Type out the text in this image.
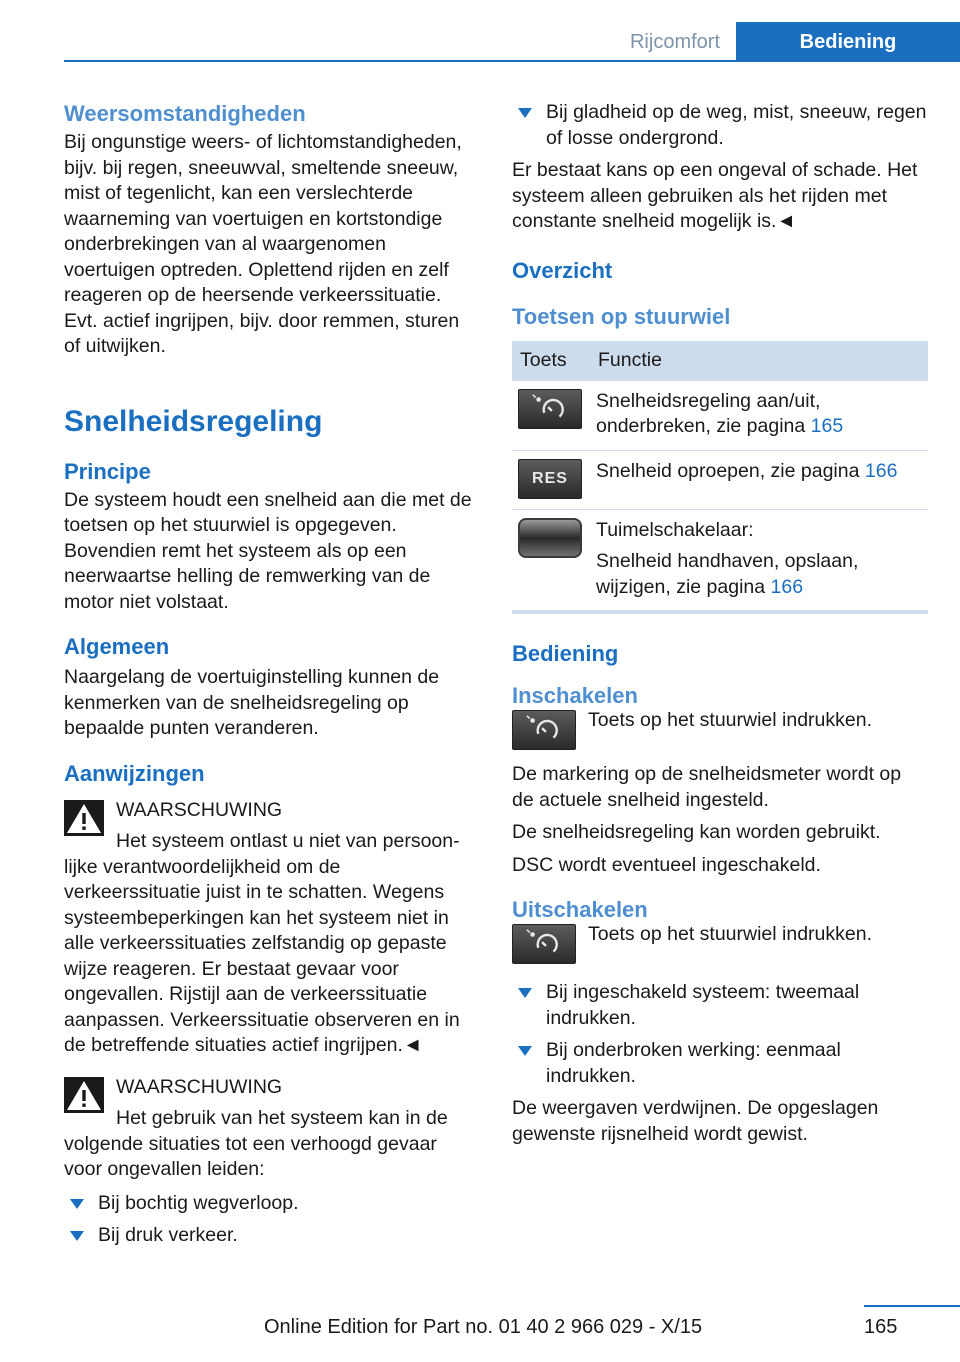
Rijcomfort	Bediening
Weersomstandigheden

Bij ongunstige weers- of lichtomstandigheden, bijv. bij regen, sneeuwval, smeltende sneeuw, mist of tegenlicht, kan een verslechterde waarneming van voertuigen en kortstondige onderbrekingen van al waargenomen voertuigen optreden. Oplettend rijden en zelf reageren op de heersende verkeerssituatie. Evt. actief ingrijpen, bijv. door remmen, sturen of uitwijken.

Snelheidsregeling
Principe

De systeem houdt een snelheid aan die met de toetsen op het stuurwiel is opgegeven. Bovendien remt het systeem als op een neerwaartse helling de remwerking van de motor niet volstaat.

Algemeen

Naargelang de voertuiginstelling kunnen de kenmerken van de snelheidsregeling op bepaalde punten veranderen.

Aanwijzingen
WAARSCHUWING
Het systeem ontlast u niet van persoon-
lijke verantwoordelijkheid om de verkeerssituatie juist in te schatten. Wegens systeembeperkingen kan het systeem niet in alle verkeerssituaties zelfstandig op gepaste wijze reageren. Er bestaat gevaar voor ongevallen. Rijstijl aan de verkeerssituatie aanpassen. Verkeerssituatie observeren en in de betreffende situaties actief ingrijpen.◄
WAARSCHUWING
Het gebruik van het systeem kan in de
volgende situaties tot een verhoogd gevaar voor ongevallen leiden:
Bij bochtig wegverloop.
Bij druk verkeer.
Bij gladheid op de weg, mist, sneeuw, regen of losse ondergrond.

Er bestaat kans op een ongeval of schade. Het systeem alleen gebruiken als het rijden met constante snelheid mogelijk is.◄

Overzicht
Toetsen op stuurwiel
Toets	Functie
	Snelheidsregeling aan/uit, onderbreken, zie pagina 165

RES	Snelheid oproepen, zie pagina 166

	Tuimelschakelaar:
Snelheid handhaven, opslaan, wijzigen, zie pagina 166
Bediening
Inschakelen

Toets op het stuurwiel indrukken.

De markering op de snelheidsmeter wordt op de actuele snelheid ingesteld.

De snelheidsregeling kan worden gebruikt.

DSC wordt eventueel ingeschakeld.

Uitschakelen

Toets op het stuurwiel indrukken.

Bij ingeschakeld systeem: tweemaal indrukken.
Bij onderbroken werking: eenmaal indrukken.

De weergaven verdwijnen. De opgeslagen gewenste rijsnelheid wordt gewist.

165
Online Edition for Part no. 01 40 2 966 029 - X/15
